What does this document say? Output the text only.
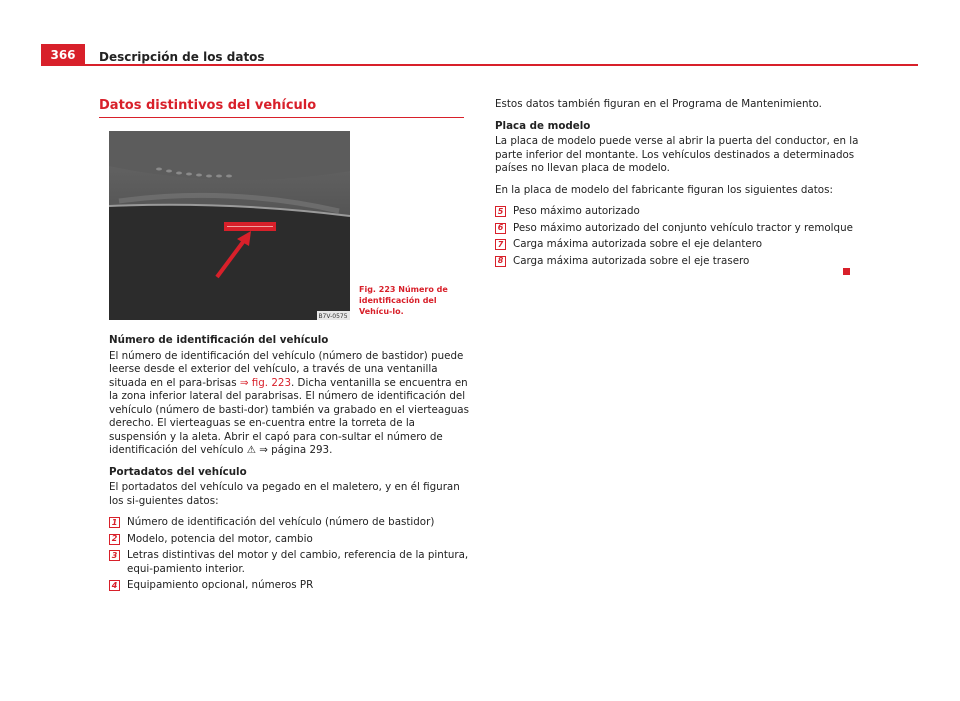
366	Descripción de los datos
Datos distintivos del vehículo
B7V-0575
Fig. 223 Número de identificación del Vehícu-lo.

Número de identificación del vehículo

El número de identificación del vehículo (número de bastidor) puede leerse desde el exterior del vehículo, a través de una ventanilla situada en el para-brisas ⇒ fig. 223. Dicha ventanilla se encuentra en la zona inferior lateral del parabrisas. El número de identificación del vehículo (número de basti-dor) también va grabado en el vierteaguas derecho. El vierteaguas se en-cuentra entre la torreta de la suspensión y la aleta. Abrir el capó para con-sultar el número de identificación del vehículo ⚠ ⇒ página 293.

Portadatos del vehículo

El portadatos del vehículo va pegado en el maletero, y en él figuran los si-guientes datos:

1 Número de identificación del vehículo (número de bastidor)
2 Modelo, potencia del motor, cambio
3 Letras distintivas del motor y del cambio, referencia de la pintura, equi-pamiento interior.
4 Equipamiento opcional, números PR

Estos datos también figuran en el Programa de Mantenimiento.

Placa de modelo

La placa de modelo puede verse al abrir la puerta del conductor, en la parte inferior del montante. Los vehículos destinados a determinados países no llevan placa de modelo.

En la placa de modelo del fabricante figuran los siguientes datos:

5 Peso máximo autorizado
6 Peso máximo autorizado del conjunto vehículo tractor y remolque
7 Carga máxima autorizada sobre el eje delantero
8 Carga máxima autorizada sobre el eje trasero
